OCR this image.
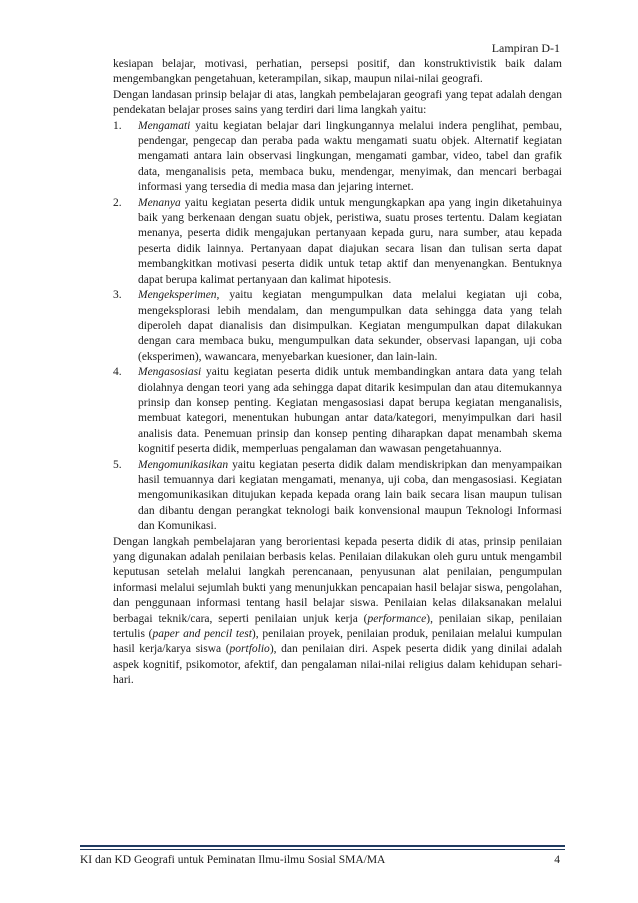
Lampiran D-1

kesiapan belajar, motivasi, perhatian, persepsi positif, dan konstruktivistik baik dalam mengembangkan pengetahuan, keterampilan, sikap, maupun nilai-nilai geografi.

Dengan landasan prinsip belajar di atas, langkah pembelajaran geografi yang tepat adalah dengan pendekatan belajar proses sains yang terdiri dari lima langkah yaitu:

1. Mengamati yaitu kegiatan belajar dari lingkungannya melalui indera penglihat, pembau, pendengar, pengecap dan peraba pada waktu mengamati suatu objek. Alternatif kegiatan mengamati antara lain observasi lingkungan, mengamati gambar, video, tabel dan grafik data, menganalisis peta, membaca buku, mendengar, menyimak, dan mencari berbagai informasi yang tersedia di media masa dan jejaring internet.
2. Menanya yaitu kegiatan peserta didik untuk mengungkapkan apa yang ingin diketahuinya baik yang berkenaan dengan suatu objek, peristiwa, suatu proses tertentu. Dalam kegiatan menanya, peserta didik mengajukan pertanyaan kepada guru, nara sumber, atau kepada peserta didik lainnya. Pertanyaan dapat diajukan secara lisan dan tulisan serta dapat membangkitkan motivasi peserta didik untuk tetap aktif dan menyenangkan. Bentuknya dapat berupa kalimat pertanyaan dan kalimat hipotesis.
3. Mengeksperimen, yaitu kegiatan mengumpulkan data melalui kegiatan uji coba, mengeksplorasi lebih mendalam, dan mengumpulkan data sehingga data yang telah diperoleh dapat dianalisis dan disimpulkan. Kegiatan mengumpulkan dapat dilakukan dengan cara membaca buku, mengumpulkan data sekunder, observasi lapangan, uji coba (eksperimen), wawancara, menyebarkan kuesioner, dan lain-lain.
4. Mengasosiasi yaitu kegiatan peserta didik untuk membandingkan antara data yang telah diolahnya dengan teori yang ada sehingga dapat ditarik kesimpulan dan atau ditemukannya prinsip dan konsep penting. Kegiatan mengasosiasi dapat berupa kegiatan menganalisis, membuat kategori, menentukan hubungan antar data/kategori, menyimpulkan dari hasil analisis data. Penemuan prinsip dan konsep penting diharapkan dapat menambah skema kognitif peserta didik, memperluas pengalaman dan wawasan pengetahuannya.
5. Mengomunikasikan yaitu kegiatan peserta didik dalam mendiskripkan dan menyampaikan hasil temuannya dari kegiatan mengamati, menanya, uji coba, dan mengasosiasi. Kegiatan mengomunikasikan ditujukan kepada kepada orang lain baik secara lisan maupun tulisan dan dibantu dengan perangkat teknologi baik konvensional maupun Teknologi Informasi dan Komunikasi.

Dengan langkah pembelajaran yang berorientasi kepada peserta didik di atas, prinsip penilaian yang digunakan adalah penilaian berbasis kelas. Penilaian dilakukan oleh guru untuk mengambil keputusan setelah melalui langkah perencanaan, penyusunan alat penilaian, pengumpulan informasi melalui sejumlah bukti yang menunjukkan pencapaian hasil belajar siswa, pengolahan, dan penggunaan informasi tentang hasil belajar siswa. Penilaian kelas dilaksanakan melalui berbagai teknik/cara, seperti penilaian unjuk kerja (performance), penilaian sikap, penilaian tertulis (paper and pencil test), penilaian proyek, penilaian produk, penilaian melalui kumpulan hasil kerja/karya siswa (portfolio), dan penilaian diri. Aspek peserta didik yang dinilai adalah aspek kognitif, psikomotor, afektif, dan pengalaman nilai-nilai religius dalam kehidupan sehari-hari.

KI dan KD Geografi untuk Peminatan Ilmu-ilmu Sosial SMA/MA	4
